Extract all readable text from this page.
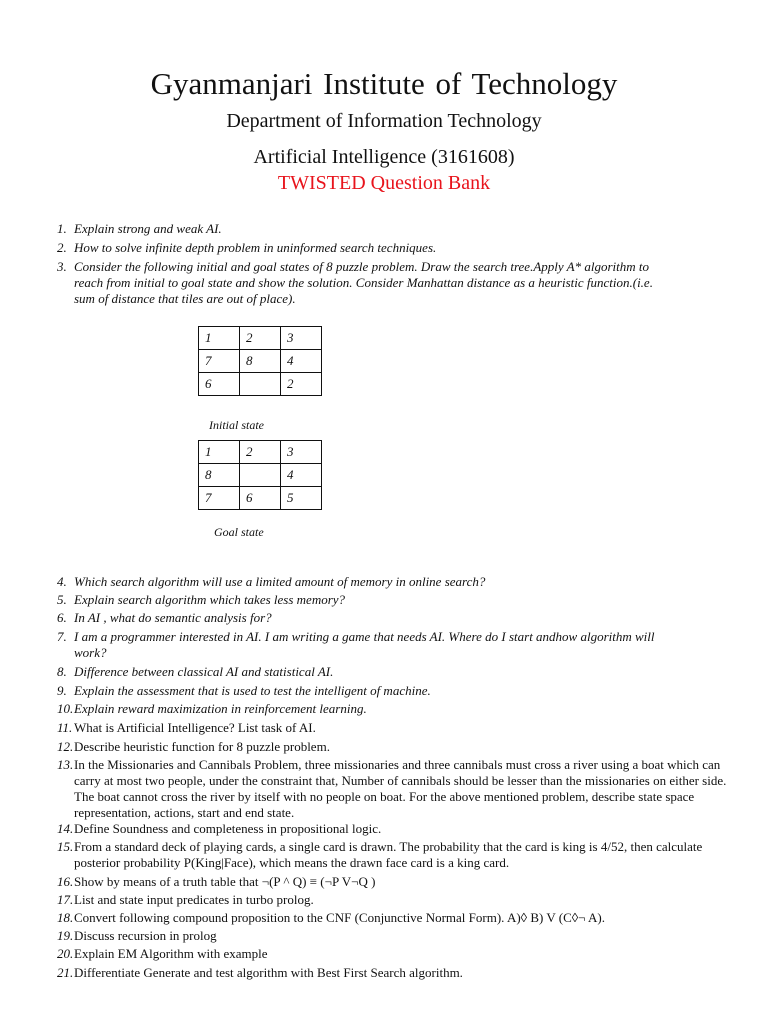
Gyanmanjari Institute of Technology
Department of Information Technology
Artificial Intelligence (3161608)
TWISTED Question Bank
1. Explain strong and weak AI.
2. How to solve infinite depth problem in uninformed search techniques.
3. Consider the following initial and goal states of 8 puzzle problem. Draw the search tree.Apply A* algorithm to reach from initial to goal state and show the solution. Consider Manhattan distance as a heuristic function.(i.e. sum of distance that tiles are out of place).
1	2	3
7	8	4
6		2
Initial state
1	2	3
8		4
7	6	5
Goal state
4. Which search algorithm will use a limited amount of memory in online search?
5. Explain search algorithm which takes less memory?
6. In AI , what do semantic analysis for?
7. I am a programmer interested in AI. I am writing a game that needs AI. Where do I start andhow algorithm will work?
8. Difference between classical AI and statistical AI.
9. Explain the assessment that is used to test the intelligent of machine.
10. Explain reward maximization in reinforcement learning.
11. What is Artificial Intelligence? List task of AI.
12. Describe heuristic function for 8 puzzle problem.
13. In the Missionaries and Cannibals Problem, three missionaries and three cannibals must cross a river using a boat which can carry at most two people, under the constraint that, Number of cannibals should be lesser than the missionaries on either side. The boat cannot cross the river by itself with no people on boat. For the above mentioned problem, describe state space representation, actions, start and end state.
14. Define Soundness and completeness in propositional logic.
15. From a standard deck of playing cards, a single card is drawn. The probability that the card is king is 4/52, then calculate posterior probability P(King|Face), which means the drawn face card is a king card.
16. Show by means of a truth table that ¬(P ^ Q) ≡ (¬P V¬Q )
17. List and state input predicates in turbo prolog.
18. Convert following compound proposition to the CNF (Conjunctive Normal Form). A)◊ B) V (C◊¬ A).
19. Discuss recursion in prolog
20. Explain EM Algorithm with example
21. Differentiate Generate and test algorithm with Best First Search algorithm.
